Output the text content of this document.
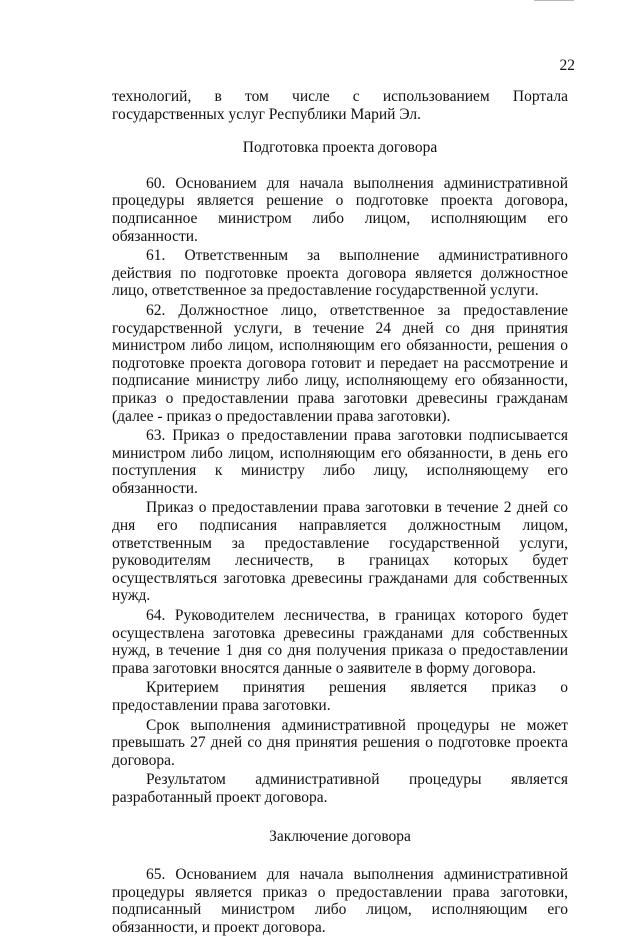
22

технологий, в том числе с использованием Портала государственных услуг Республики Марий Эл.

Подготовка проекта договора

60. Основанием для начала выполнения административной процедуры является решение о подготовке проекта договора, подписанное министром либо лицом, исполняющим его обязанности.

61. Ответственным за выполнение административного действия по подготовке проекта договора является должностное лицо, ответственное за предоставление государственной услуги.

62. Должностное лицо, ответственное за предоставление государственной услуги, в течение 24 дней со дня принятия министром либо лицом, исполняющим его обязанности, решения о подготовке проекта договора готовит и передает на рассмотрение и подписание министру либо лицу, исполняющему его обязанности, приказ о предоставлении права заготовки древесины гражданам (далее - приказ о предоставлении права заготовки).

63. Приказ о предоставлении права заготовки подписывается министром либо лицом, исполняющим его обязанности, в день его поступления к министру либо лицу, исполняющему его обязанности.

Приказ о предоставлении права заготовки в течение 2 дней со дня его подписания направляется должностным лицом, ответственным за предоставление государственной услуги, руководителям лесничеств, в границах которых будет осуществляться заготовка древесины гражданами для собственных нужд.

64. Руководителем лесничества, в границах которого будет осуществлена заготовка древесины гражданами для собственных нужд, в течение 1 дня со дня получения приказа о предоставлении права заготовки вносятся данные о заявителе в форму договора.

Критерием принятия решения является приказ о предоставлении права заготовки.

Срок выполнения административной процедуры не может превышать 27 дней со дня принятия решения о подготовке проекта договора.

Результатом административной процедуры является разработанный проект договора.

Заключение договора

65. Основанием для начала выполнения административной процедуры является приказ о предоставлении права заготовки, подписанный министром либо лицом, исполняющим его обязанности, и проект договора.
